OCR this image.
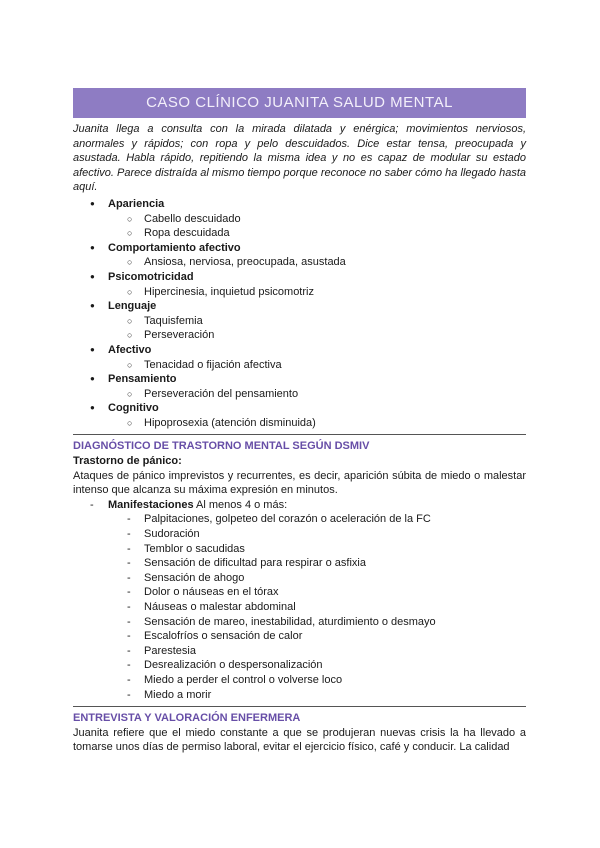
CASO CLÍNICO JUANITA SALUD MENTAL

Juanita llega a consulta con la mirada dilatada y enérgica; movimientos nerviosos, anormales y rápidos; con ropa y pelo descuidados. Dice estar tensa, preocupada y asustada. Habla rápido, repitiendo la misma idea y no es capaz de modular su estado afectivo. Parece distraída al mismo tiempo porque reconoce no saber cómo ha llegado hasta aquí.

● Apariencia
○ Cabello descuidado
○ Ropa descuidada
● Comportamiento afectivo
○ Ansiosa, nerviosa, preocupada, asustada
● Psicomotricidad
○ Hipercinesia, inquietud psicomotriz
● Lenguaje
○ Taquisfemia
○ Perseveración
● Afectivo
○ Tenacidad o fijación afectiva
● Pensamiento
○ Perseveración del pensamiento
● Cognitivo
○ Hipoprosexia (atención disminuida)
DIAGNÓSTICO DE TRASTORNO MENTAL SEGÚN DSMIV
Trastorno de pánico:
Ataques de pánico imprevistos y recurrentes, es decir, aparición súbita de miedo o malestar intenso que alcanza su máxima expresión en minutos.
- Manifestaciones Al menos 4 o más:
- Palpitaciones, golpeteo del corazón o aceleración de la FC
- Sudoración
- Temblor o sacudidas
- Sensación de dificultad para respirar o asfixia
- Sensación de ahogo
- Dolor o náuseas en el tórax
- Náuseas o malestar abdominal
- Sensación de mareo, inestabilidad, aturdimiento o desmayo
- Escalofríos o sensación de calor
- Parestesia
- Desrealización o despersonalización
- Miedo a perder el control o volverse loco
- Miedo a morir
ENTREVISTA Y VALORACIÓN ENFERMERA
Juanita refiere que el miedo constante a que se produjeran nuevas crisis la ha llevado a tomarse unos días de permiso laboral, evitar el ejercicio físico, café y conducir. La calidad
